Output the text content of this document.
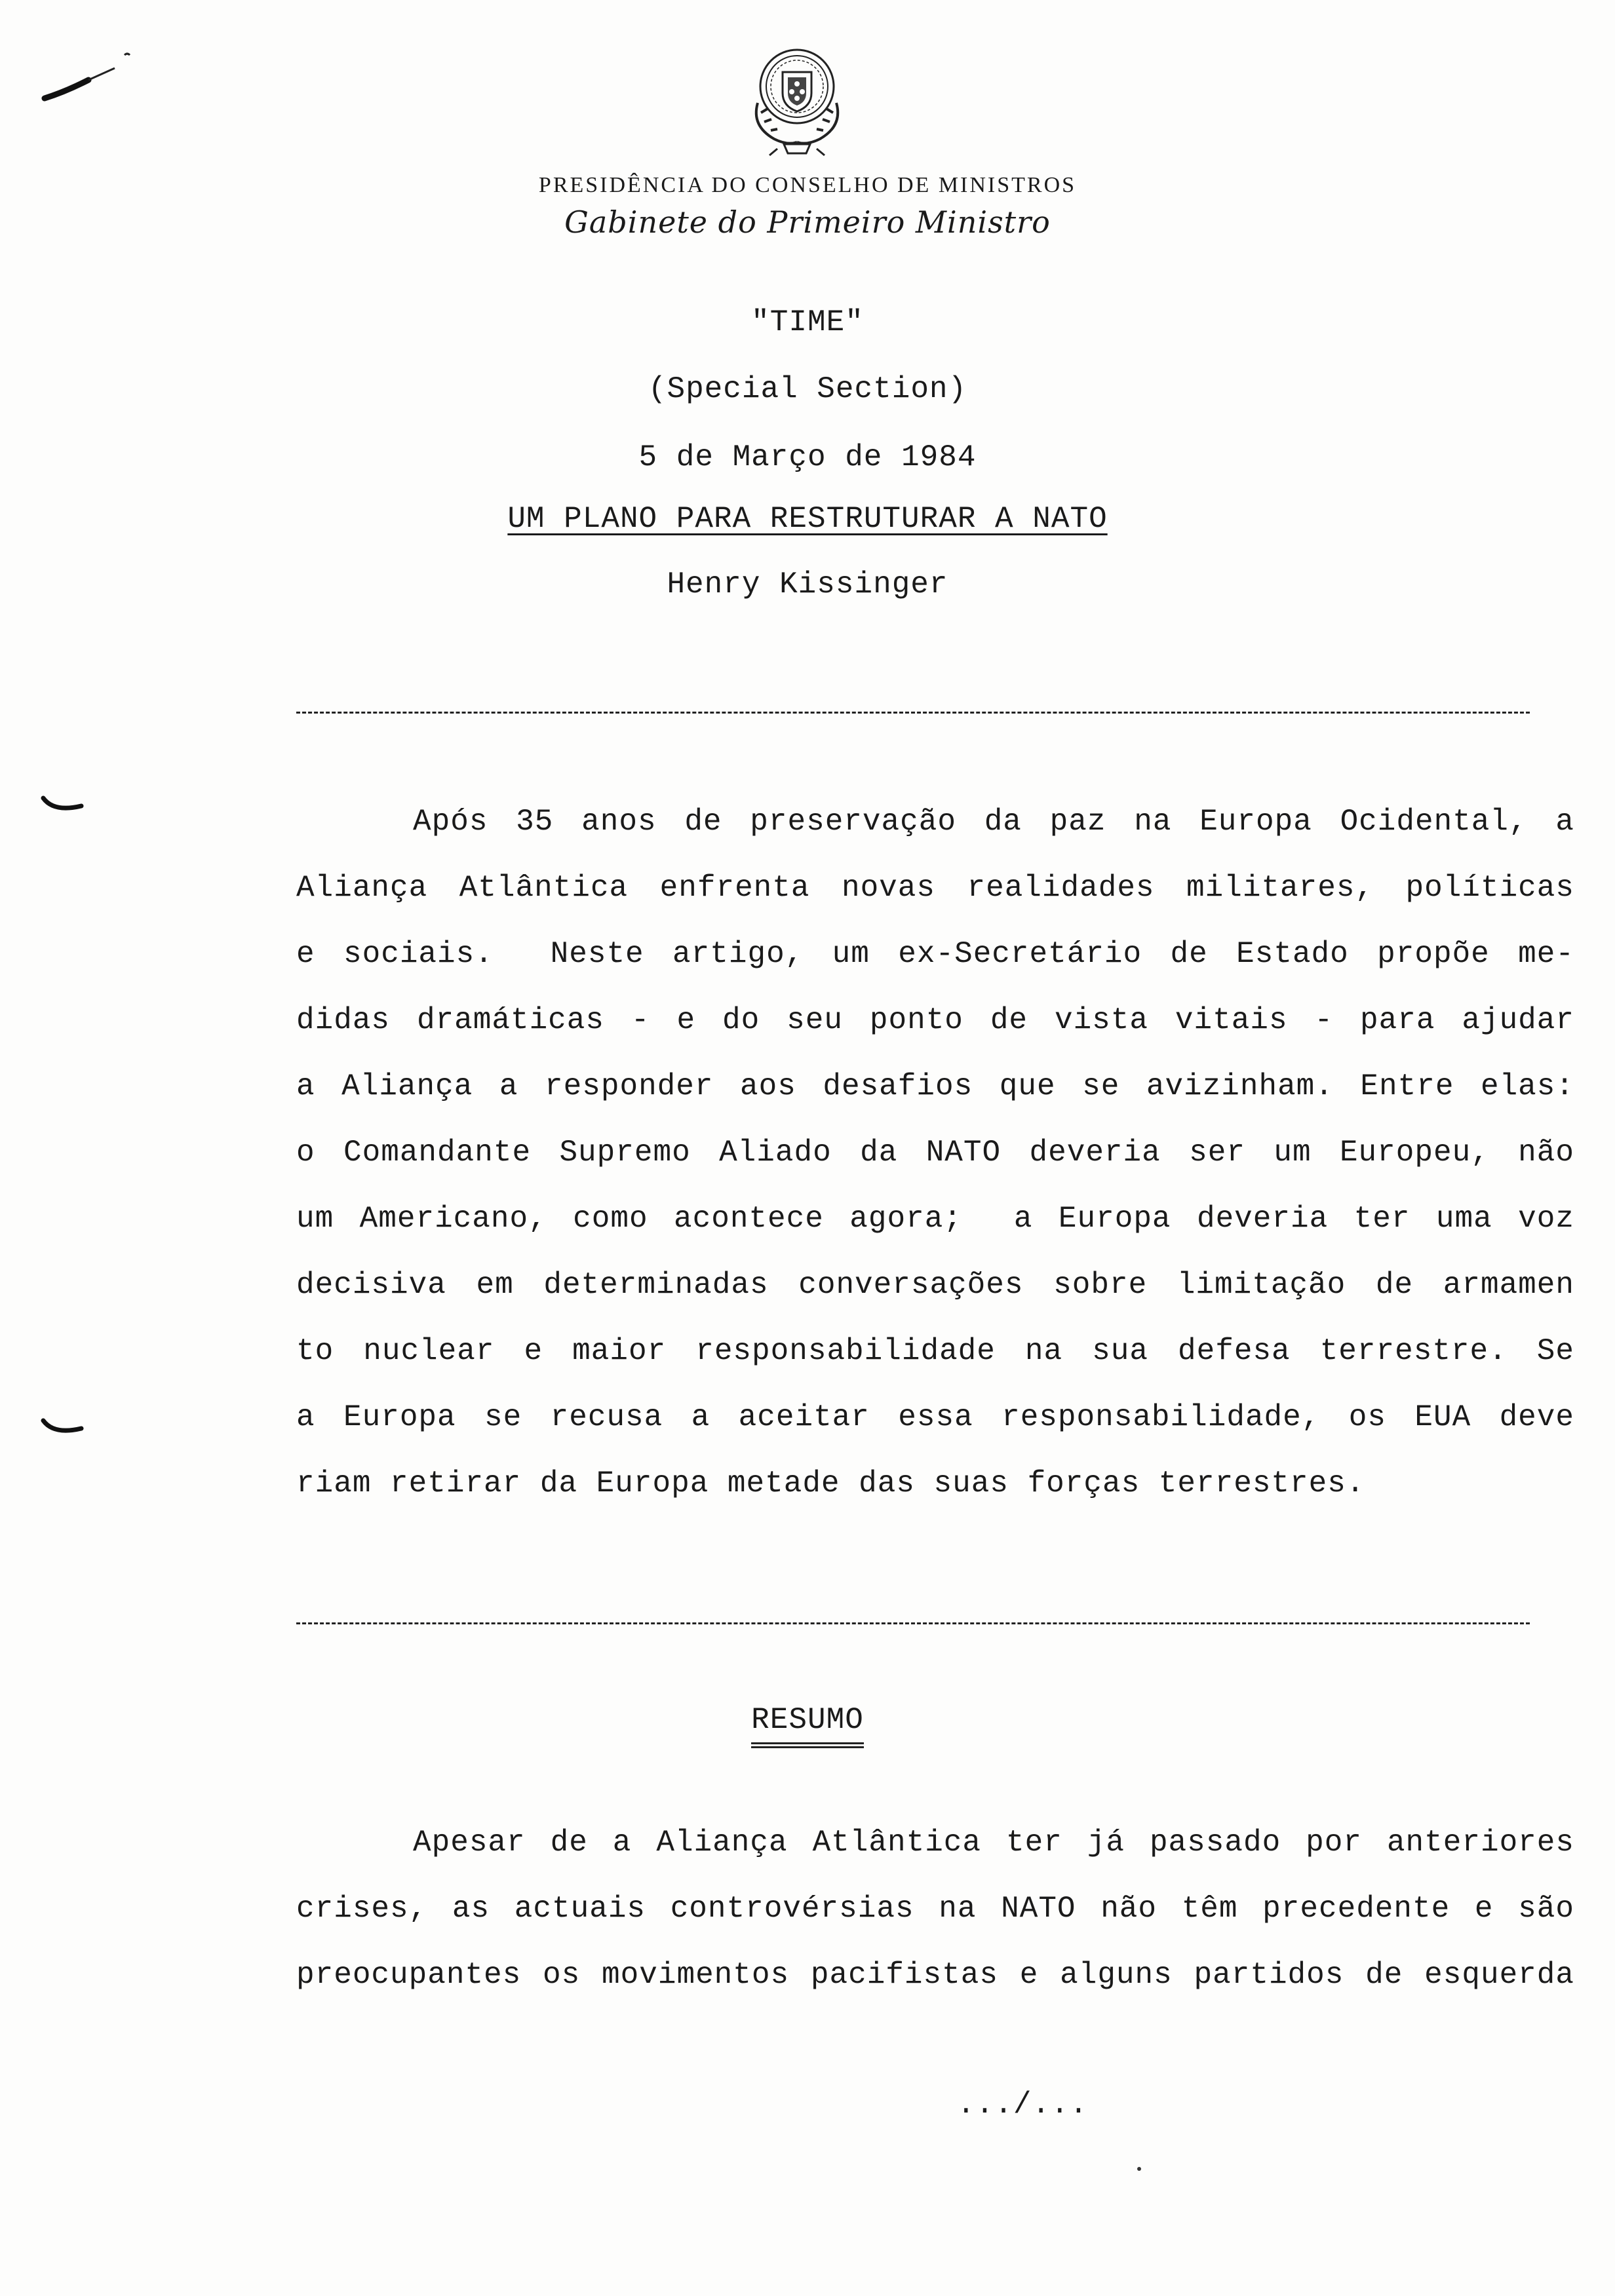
PRESIDÊNCIA DO CONSELHO DE MINISTROS
Gabinete do Primeiro Ministro
"TIME"
(Special Section)
5 de Março de 1984
UM PLANO PARA RESTRUTURAR A NATO
Henry Kissinger
Após 35 anos de preservação da paz na Europa Ocidental, a
Aliança Atlântica enfrenta novas realidades militares, políticas
e sociais.  Neste artigo, um ex-Secretário de Estado propõe me-
didas dramáticas - e do seu ponto de vista vitais - para ajudar
a Aliança a responder aos desafios que se avizinham. Entre elas:
o Comandante Supremo Aliado da NATO deveria ser um Europeu, não
um Americano, como acontece agora;  a Europa deveria ter uma voz
decisiva em determinadas conversações sobre limitação de armamen
to nuclear e maior responsabilidade na sua defesa terrestre. Se
a Europa se recusa a aceitar essa responsabilidade, os EUA deve
riam retirar da Europa metade das suas forças terrestres.
RESUMO
Apesar de a Aliança Atlântica ter já passado por anteriores
crises, as actuais controvérsias na NATO não têm precedente e são
preocupantes os movimentos pacifistas e alguns partidos de esquerda
.../...
